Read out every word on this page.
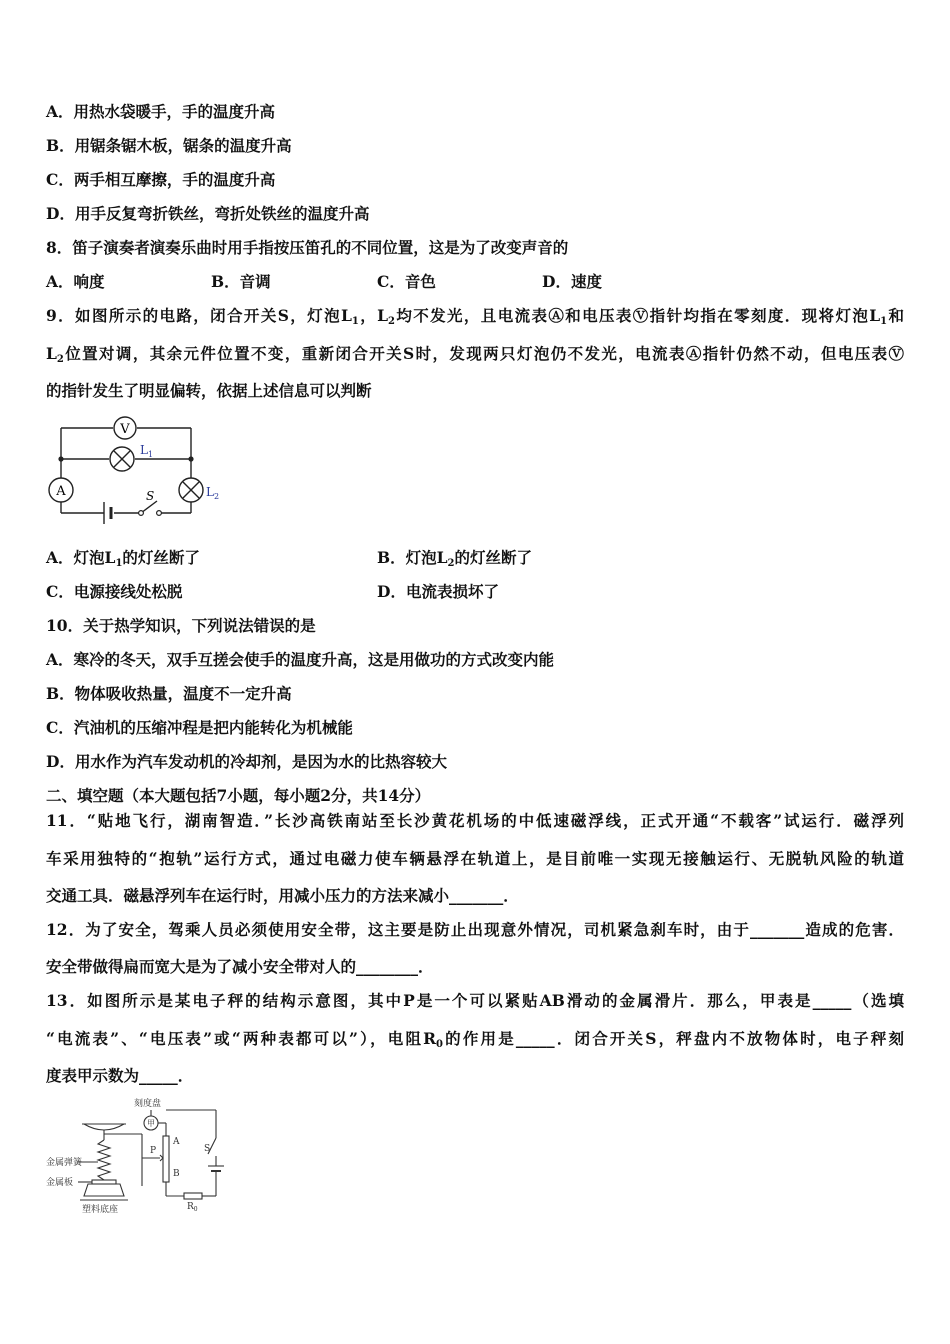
A．用热水袋暖手，手的温度升高
B．用锯条锯木板，锯条的温度升高
C．两手相互摩擦，手的温度升高
D．用手反复弯折铁丝，弯折处铁丝的温度升高
8．笛子演奏者演奏乐曲时用手指按压笛孔的不同位置，这是为了改变声音的
A．响度	B．音调	C．音色	D．速度
9．如图所示的电路，闭合开关S，灯泡$L_1$，$L_2$均不发光，且电流表Ⓐ和电压表Ⓥ指针均指在零刻度．现将灯泡$L_1$和
$L_2$位置对调，其余元件位置不变，重新闭合开关S时，发现两只灯泡仍不发光，电流表Ⓐ指针仍然不动，但电压表Ⓥ
的指针发生了明显偏转，依据上述信息可以判断
V
A
$L_1$
$L_2$
S
A．灯泡$L_1$的灯丝断了	B．灯泡$L_2$的灯丝断了
C．电源接线处松脱	D．电流表损坏了
10．关于热学知识，下列说法错误的是
A．寒冷的冬天，双手互搓会使手的温度升高，这是用做功的方式改变内能
B．物体吸收热量，温度不一定升高
C．汽油机的压缩冲程是把内能转化为机械能
D．用水作为汽车发动机的冷却剂，是因为水的比热容较大
二、填空题（本大题包括7小题，每小题2分，共14分）
11．“贴地飞行，湖南智造．”长沙高铁南站至长沙黄花机场的中低速磁浮线，正式开通“不载客”试运行．磁浮列
车采用独特的“抱轨”运行方式，通过电磁力使车辆悬浮在轨道上，是目前唯一实现无接触运行、无脱轨风险的轨道
交通工具．磁悬浮列车在运行时，用减小压力的方法来减小_______．
12．为了安全，驾乘人员必须使用安全带，这主要是防止出现意外情况，司机紧急刹车时，由于_______造成的危害．
安全带做得扁而宽大是为了减小安全带对人的________．
13．如图所示是某电子秤的结构示意图，其中P是一个可以紧贴AB滑动的金属滑片．那么，甲表是_____（选填
“电流表”、“电压表”或“两种表都可以”），电阻$R_0$的作用是_____．闭合开关S，秤盘内不放物体时，电子秤刻
度表甲示数为_____．
刻度盘
甲
金属弹簧
金属板
塑料底座
A
B
P	S
$R_0$
